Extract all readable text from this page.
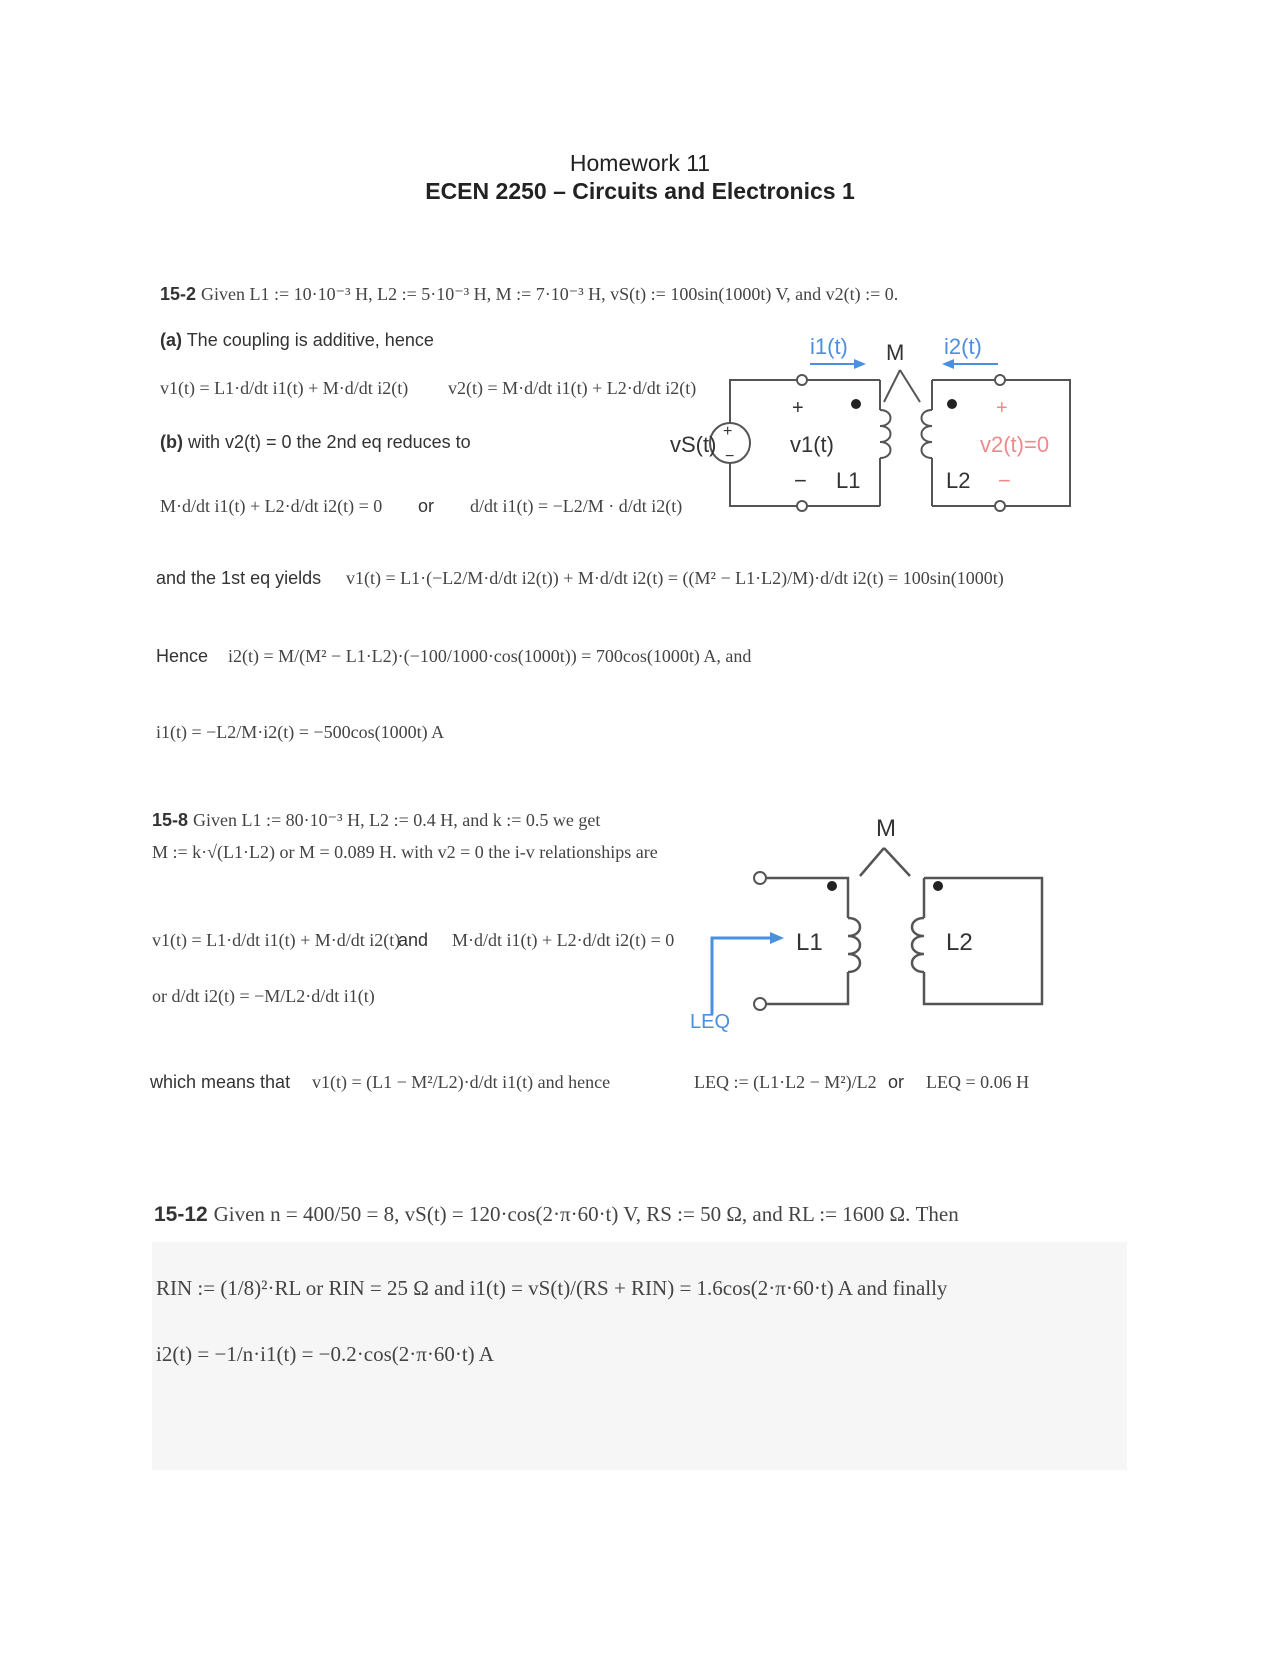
Homework 11
ECEN 2250 – Circuits and Electronics 1
15-2 Given L1 := 10·10⁻³ H, L2 := 5·10⁻³ H, M := 7·10⁻³ H, vS(t) := 100sin(1000t) V, and v2(t) := 0.
(a) The coupling is additive, hence
v1(t) = L1·d/dt i1(t) + M·d/dt i2(t) v2(t) = M·d/dt i1(t) + L2·d/dt i2(t)
(b) with v2(t) = 0 the 2nd eq reduces to
M·d/dt i1(t) + L2·d/dt i2(t) = 0 or d/dt i1(t) = −L2/M · d/dt i2(t)
and the 1st eq yields v1(t) = L1·(−L2/M·d/dt i2(t)) + M·d/dt i2(t) = ((M² − L1·L2)/M)·d/dt i2(t) = 100sin(1000t)
Hence i2(t) = M/(M² − L1·L2)·(−100/1000·cos(1000t)) = 700cos(1000t) A, and
i1(t) = −L2/M·i2(t) = −500cos(1000t) A
i1(t)	i2(t)
M
+
−
vS(t)
+
v1(t)
− L1	L2
+
v2(t)=0
−
15-8 Given L1 := 80·10⁻³ H, L2 := 0.4 H, and k := 0.5 we get
M := k·√(L1·L2) or M = 0.089 H. with v2 = 0 the i-v relationships are
v1(t) = L1·d/dt i1(t) + M·d/dt i2(t)
and M·d/dt i1(t) + L2·d/dt i2(t) = 0
or d/dt i2(t) = −M/L2·d/dt i1(t)
which means that v1(t) = (L1 − M²/L2)·d/dt i1(t) and hence	LEQ := (L1·L2 − M²)/L2 or LEQ = 0.06 H
M
L1	L2
LEQ
15-12 Given n = 400/50 = 8, vS(t) = 120·cos(2·π·60·t) V, RS := 50 Ω, and RL := 1600 Ω. Then
RIN := (1/8)²·RL or RIN = 25 Ω and i1(t) = vS(t)/(RS + RIN) = 1.6cos(2·π·60·t) A and finally
i2(t) = −1/n·i1(t) = −0.2·cos(2·π·60·t) A
